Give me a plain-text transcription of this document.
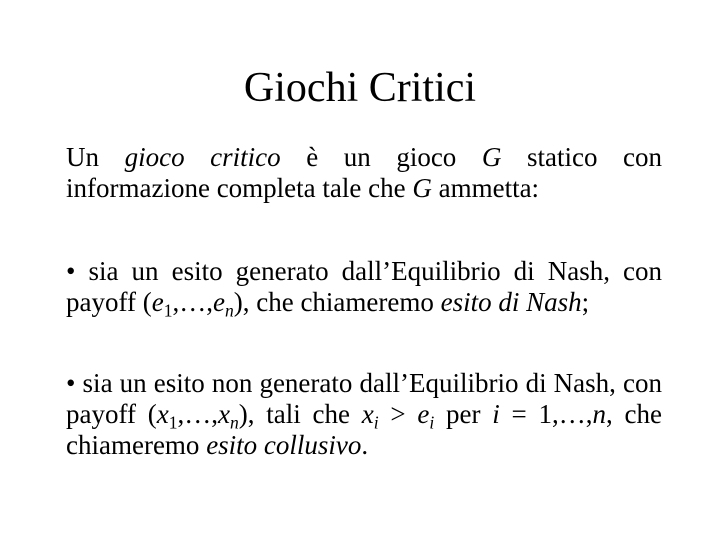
Giochi Critici
Un gioco critico è un gioco G statico con informazione completa tale che G ammetta:
• sia un esito generato dall’Equilibrio di Nash, con payoff $(e_1,\dots,e_n)$, che chiameremo esito di Nash;
• sia un esito non generato dall’Equilibrio di Nash, con payoff $(x_1,\dots,x_n)$, tali che $x_i > e_i$ per i = 1,…,n, che chiameremo esito collusivo.
